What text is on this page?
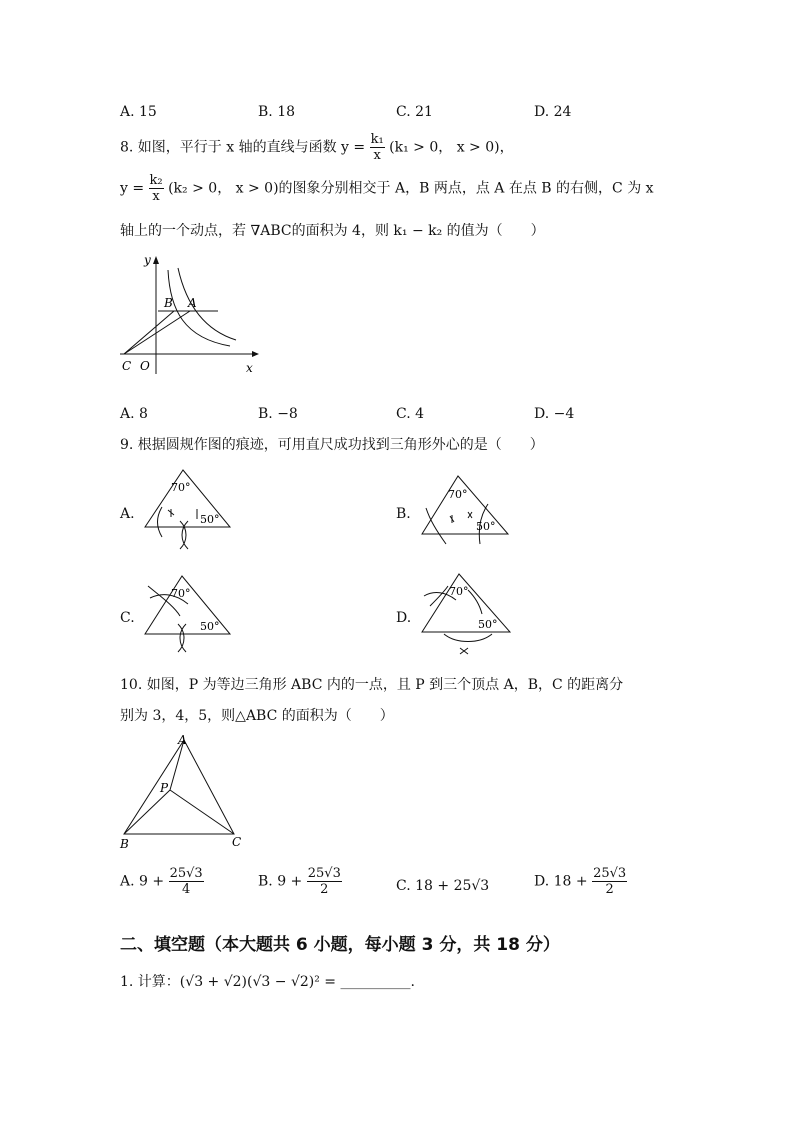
A. 15	B. 18	C. 21	D. 24
8. 如图，平行于 x 轴的直线与函数 $y = \frac{\text{k₁}}{x} (k_1 > 0$， x > 0)，
$y = \frac{\text{k₂}}{x} (k_2 > 0$， x > 0)的图象分别相交于 A，B 两点，点 A 在点 B 的右侧，C 为 x
轴上的一个动点，若 ∇ABC的面积为 4，则 k₁ − k₂ 的值为（　　）
y
x
B A
C O
A. 8	B. −8	C. 4	D. −4
9. 根据圆规作图的痕迹，可用直尺成功找到三角形外心的是（　　）
A.
70°
50°	B.
70°
50°
C.
70°
50°
D.
70°
50°
10. 如图，P 为等边三角形 ABC 内的一点，且 P 到三个顶点 A，B，C 的距离分
别为 3，4，5，则△ABC 的面积为（　　）
A
B	C
P
A. $9 + \frac{25√3}{4}$	B. $9 + \frac{25√3}{2}$	C. 18 + 25√3	D. $18 + \frac{25√3}{2}$
二、填空题（本大题共 6 小题，每小题 3 分，共 18 分）
1. 计算：(√3 + √2)(√3 − √2)² = __________.
